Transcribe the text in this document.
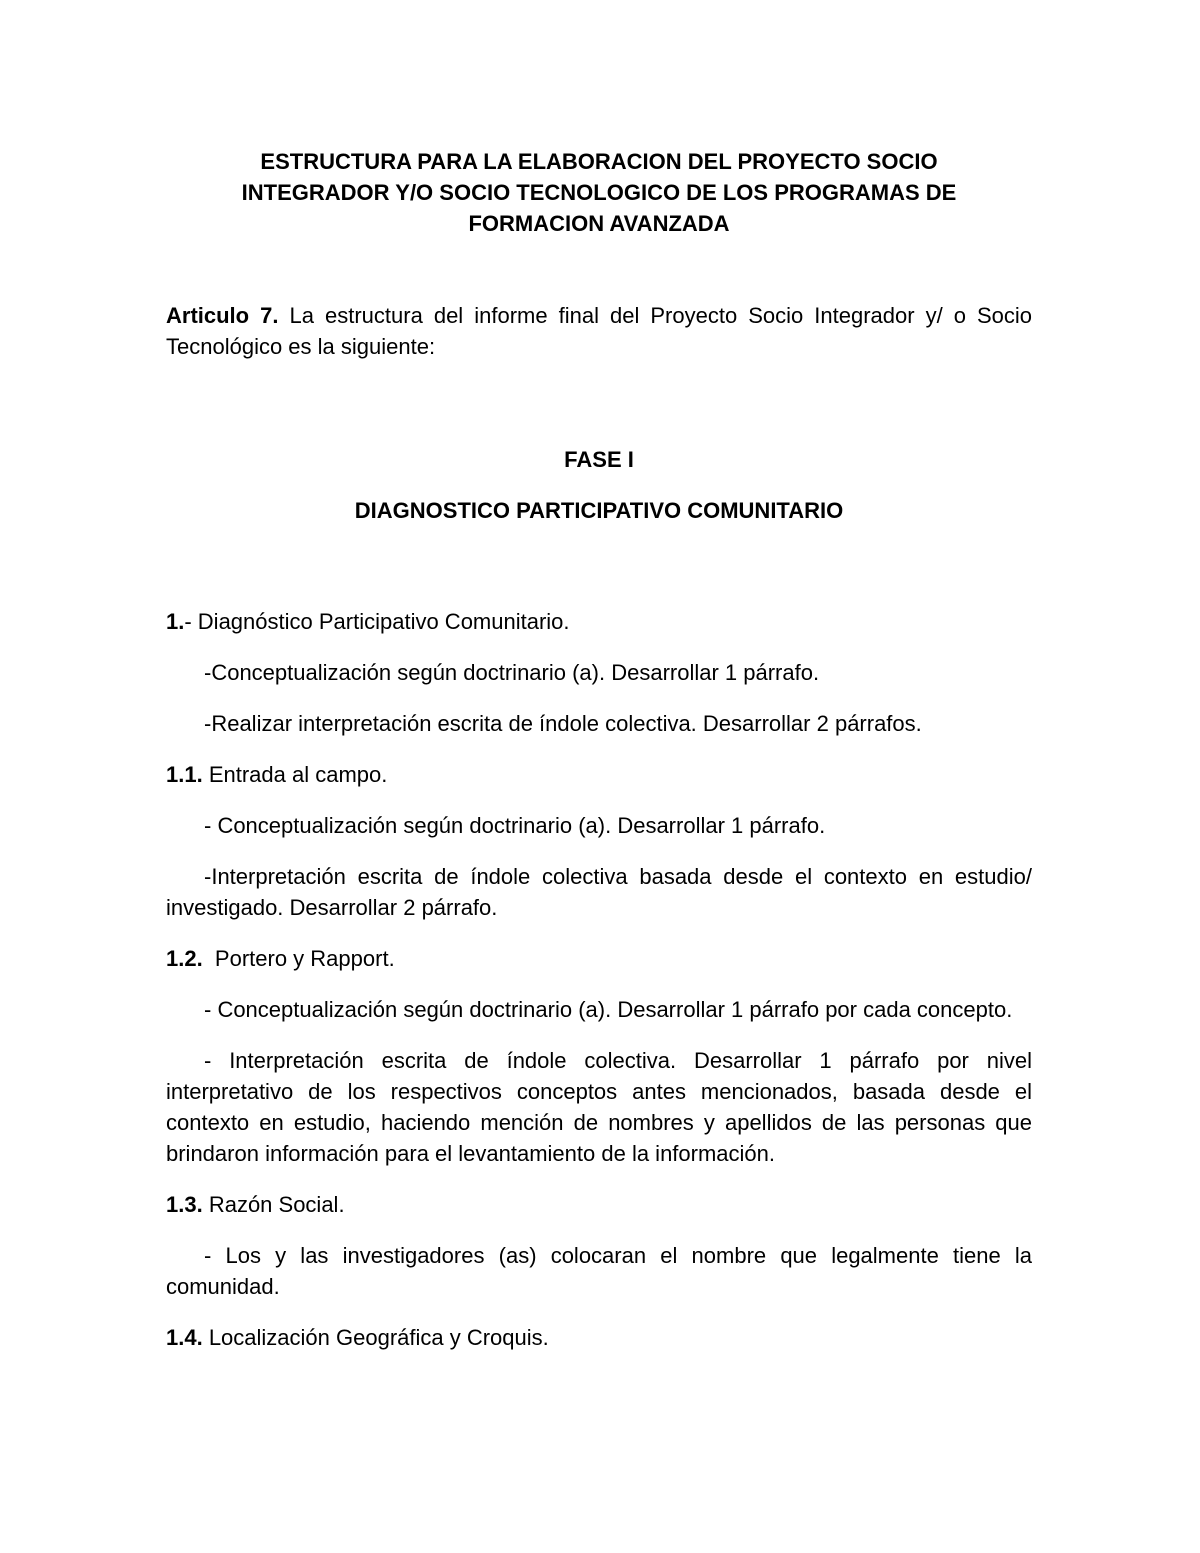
ESTRUCTURA PARA LA ELABORACION DEL PROYECTO SOCIO
INTEGRADOR Y/O SOCIO TECNOLOGICO DE LOS PROGRAMAS DE
FORMACION AVANZADA

Articulo 7. La estructura del informe final del Proyecto Socio Integrador y/ o Socio Tecnológico es la siguiente:

FASE I

DIAGNOSTICO PARTICIPATIVO COMUNITARIO

1.- Diagnóstico Participativo Comunitario.

-Conceptualización según doctrinario (a). Desarrollar 1 párrafo.

-Realizar interpretación escrita de índole colectiva. Desarrollar 2 párrafos.

1.1. Entrada al campo.

- Conceptualización según doctrinario (a). Desarrollar 1 párrafo.

-Interpretación escrita de índole colectiva basada desde el contexto en estudio/ investigado. Desarrollar 2 párrafo.

1.2.  Portero y Rapport.

- Conceptualización según doctrinario (a). Desarrollar 1 párrafo por cada concepto.

- Interpretación escrita de índole colectiva. Desarrollar 1 párrafo por nivel interpretativo de los respectivos conceptos antes mencionados, basada desde el contexto en estudio, haciendo mención de nombres y apellidos de las personas que brindaron información para el levantamiento de la información.

1.3. Razón Social.

- Los y las investigadores (as) colocaran el nombre que legalmente tiene la comunidad.

1.4. Localización Geográfica y Croquis.
